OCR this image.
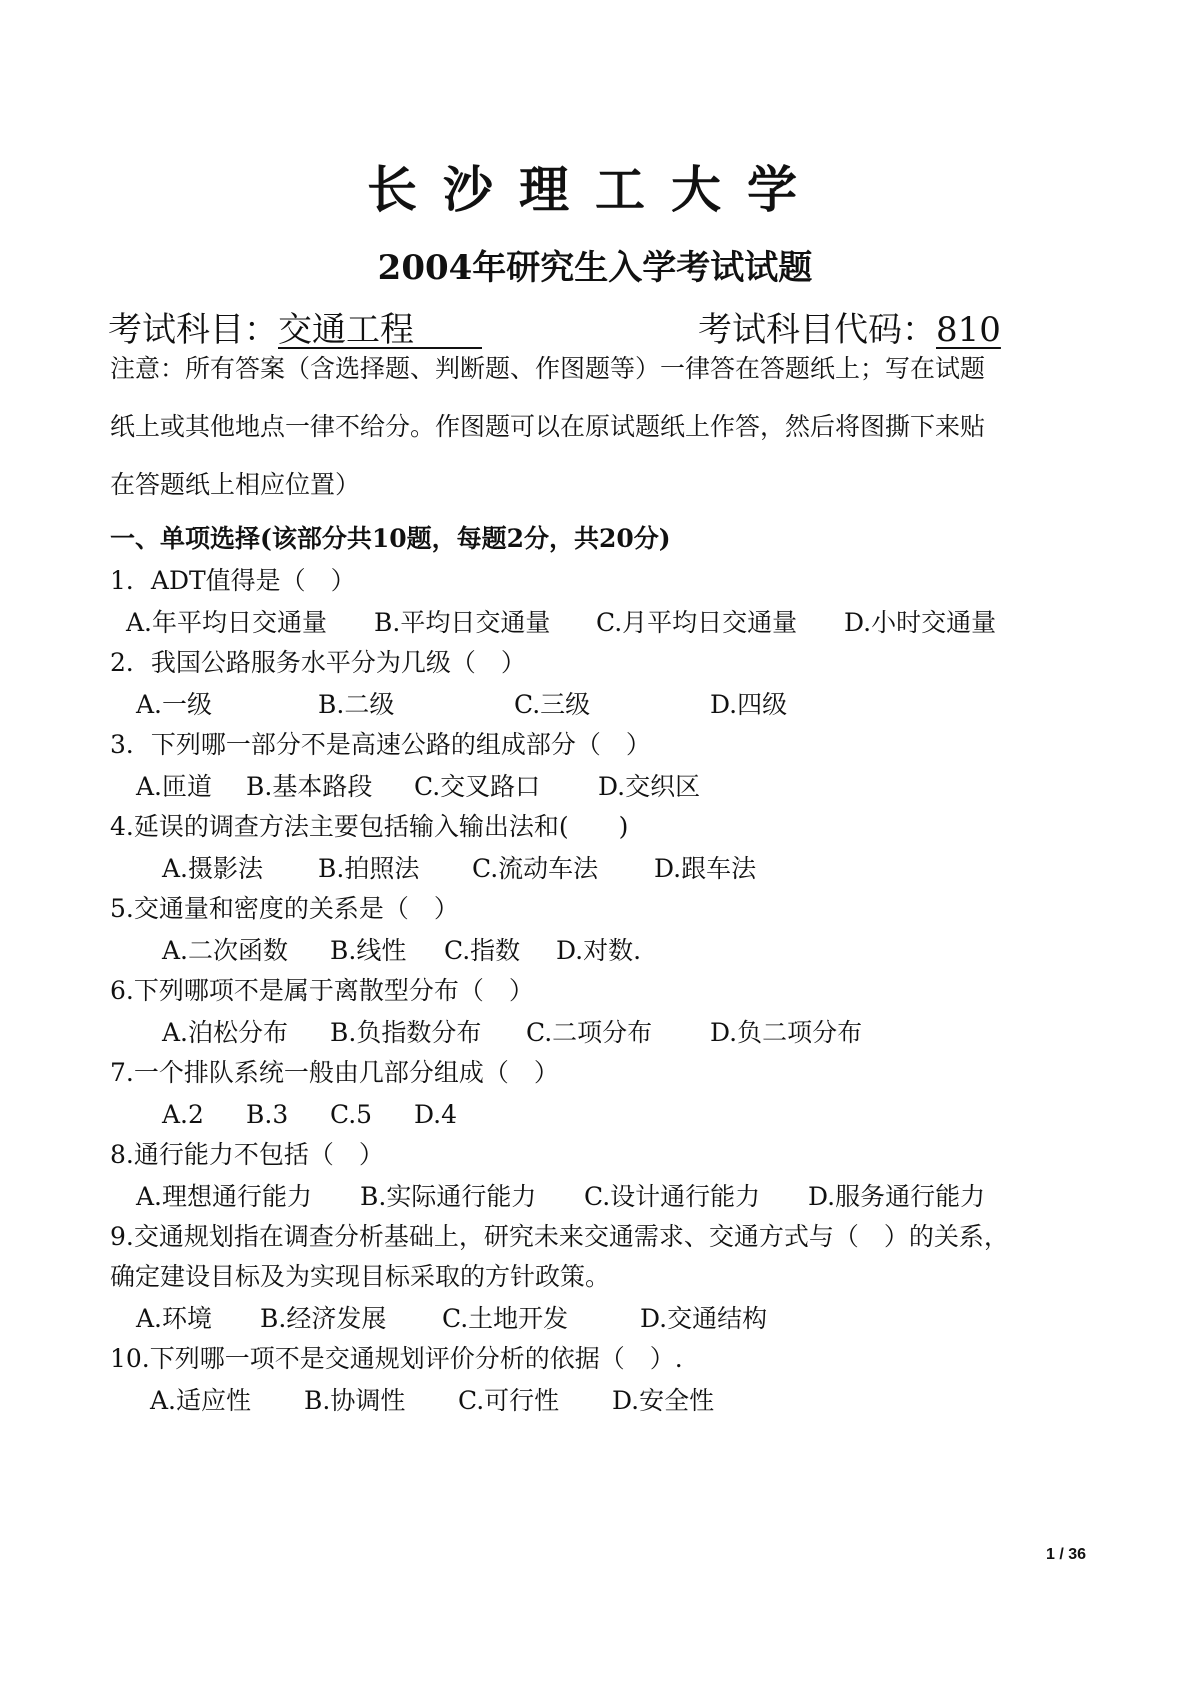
长沙理工大学
2004年研究生入学考试试题
考试科目：交通工程  	考试科目代码：810
注意：所有答案（含选择题、判断题、作图题等）一律答在答题纸上；写在试题
纸上或其他地点一律不给分。作图题可以在原试题纸上作答，然后将图撕下来贴
在答题纸上相应位置）
一、单项选择(该部分共10题，每题2分，共20分)
1．ADT值得是（　）
A.年平均日交通量 B.平均日交通量 C.月平均日交通量 D.小时交通量
2．我国公路服务水平分为几级（　）
A.一级	B.二级	C.三级	D.四级
3．下列哪一部分不是高速公路的组成部分（　）
A.匝道 B.基本路段 C.交叉路口 D.交织区
4.延误的调查方法主要包括输入输出法和(　　)
A.摄影法 B.拍照法 C.流动车法 D.跟车法
5.交通量和密度的关系是（　）
A.二次函数 B.线性 C.指数 D.对数.
6.下列哪项不是属于离散型分布（　）
A.泊松分布 B.负指数分布 C.二项分布 D.负二项分布
7.一个排队系统一般由几部分组成（　）
A.2 B.3 C.5 D.4
8.通行能力不包括（　）
A.理想通行能力 B.实际通行能力 C.设计通行能力 D.服务通行能力
9.交通规划指在调查分析基础上，研究未来交通需求、交通方式与（　）的关系，
确定建设目标及为实现目标采取的方针政策。
A.环境 B.经济发展 C.土地开发	D.交通结构
10.下列哪一项不是交通规划评价分析的依据（　）.
A.适应性 B.协调性 C.可行性 D.安全性
1 / 36
